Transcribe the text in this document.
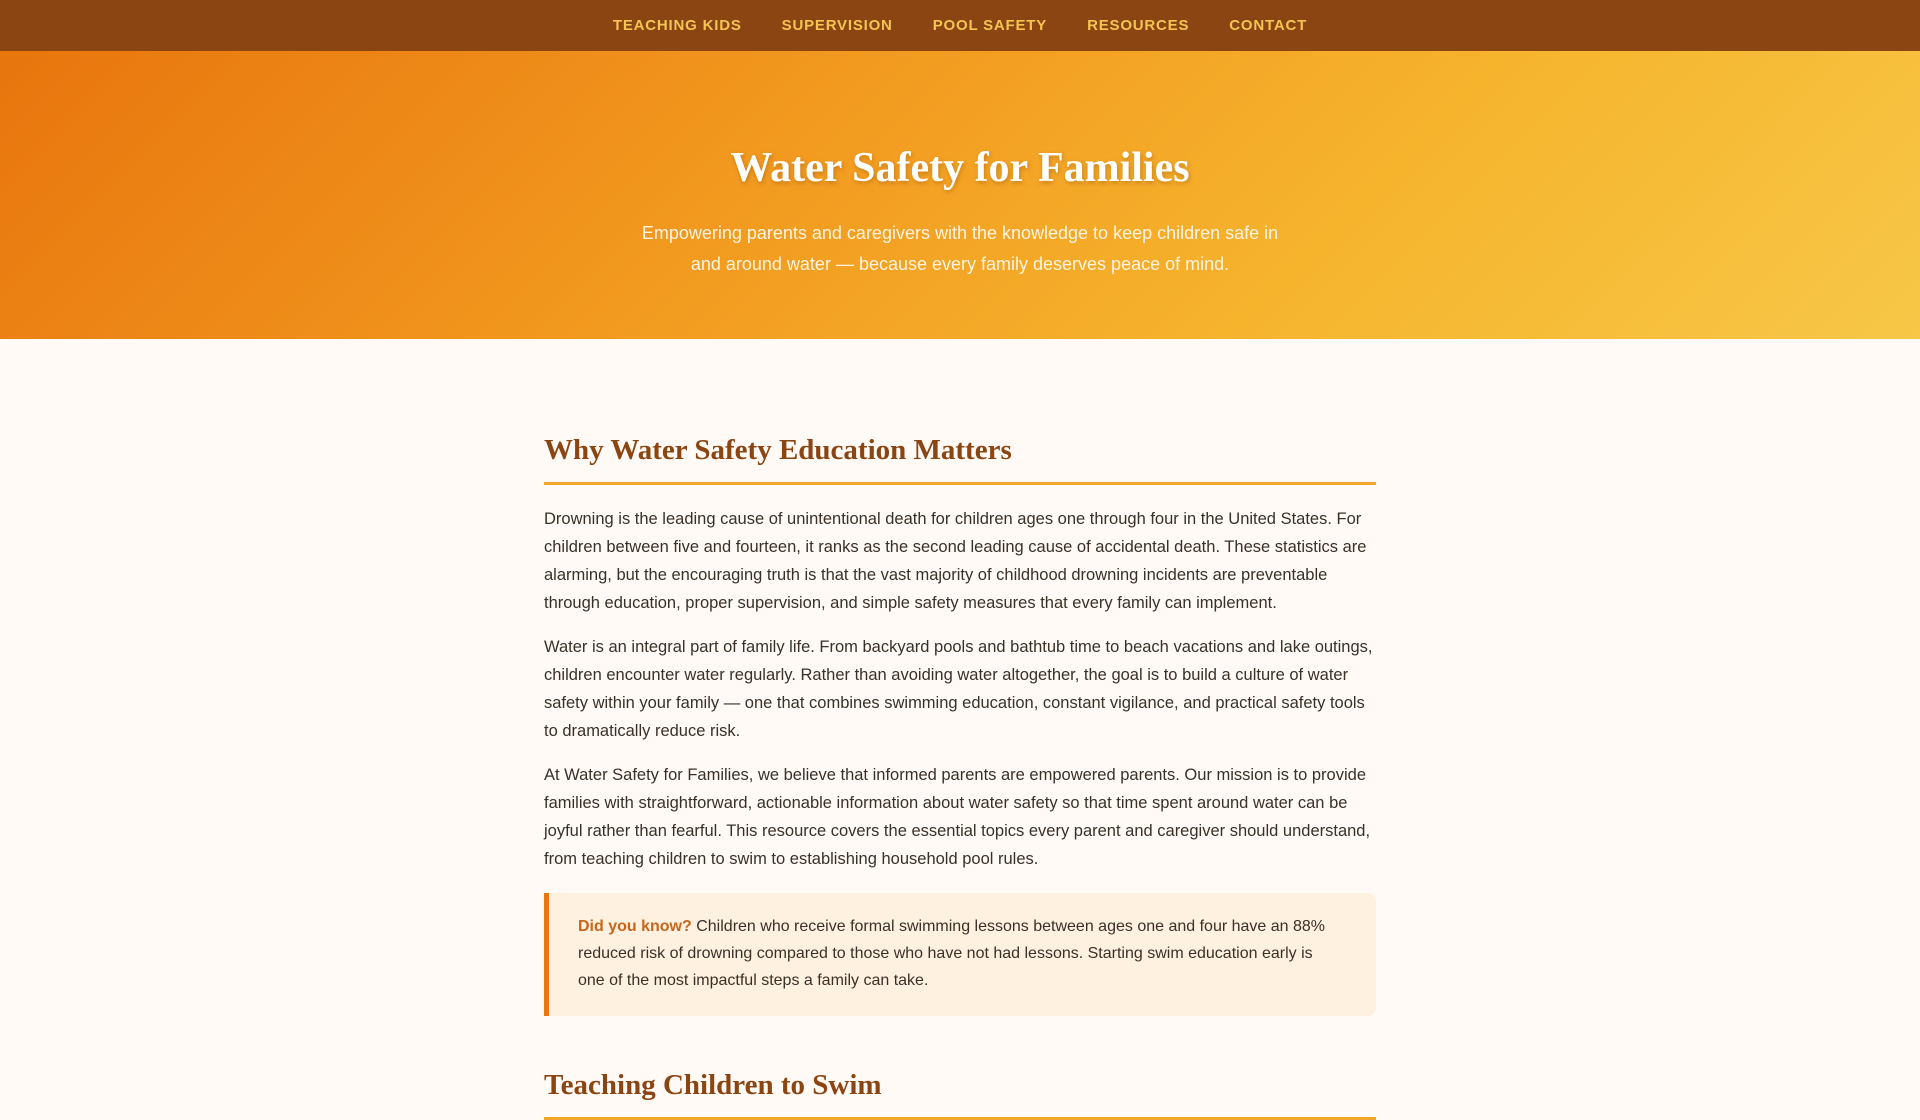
TEACHING KIDS	SUPERVISION	POOL SAFETY	RESOURCES	CONTACT
Water Safety for Families

Empowering parents and caregivers with the knowledge to keep children safe in and around water — because every family deserves peace of mind.

Why Water Safety Education Matters

Drowning is the leading cause of unintentional death for children ages one through four in the United States. For children between five and fourteen, it ranks as the second leading cause of accidental death. These statistics are alarming, but the encouraging truth is that the vast majority of childhood drowning incidents are preventable through education, proper supervision, and simple safety measures that every family can implement.

Water is an integral part of family life. From backyard pools and bathtub time to beach vacations and lake outings, children encounter water regularly. Rather than avoiding water altogether, the goal is to build a culture of water safety within your family — one that combines swimming education, constant vigilance, and practical safety tools to dramatically reduce risk.

At Water Safety for Families, we believe that informed parents are empowered parents. Our mission is to provide families with straightforward, actionable information about water safety so that time spent around water can be joyful rather than fearful. This resource covers the essential topics every parent and caregiver should understand, from teaching children to swim to establishing household pool rules.

Did you know? Children who receive formal swimming lessons between ages one and four have an 88% reduced risk of drowning compared to those who have not had lessons. Starting swim education early is one of the most impactful steps a family can take.

Teaching Children to Swim
